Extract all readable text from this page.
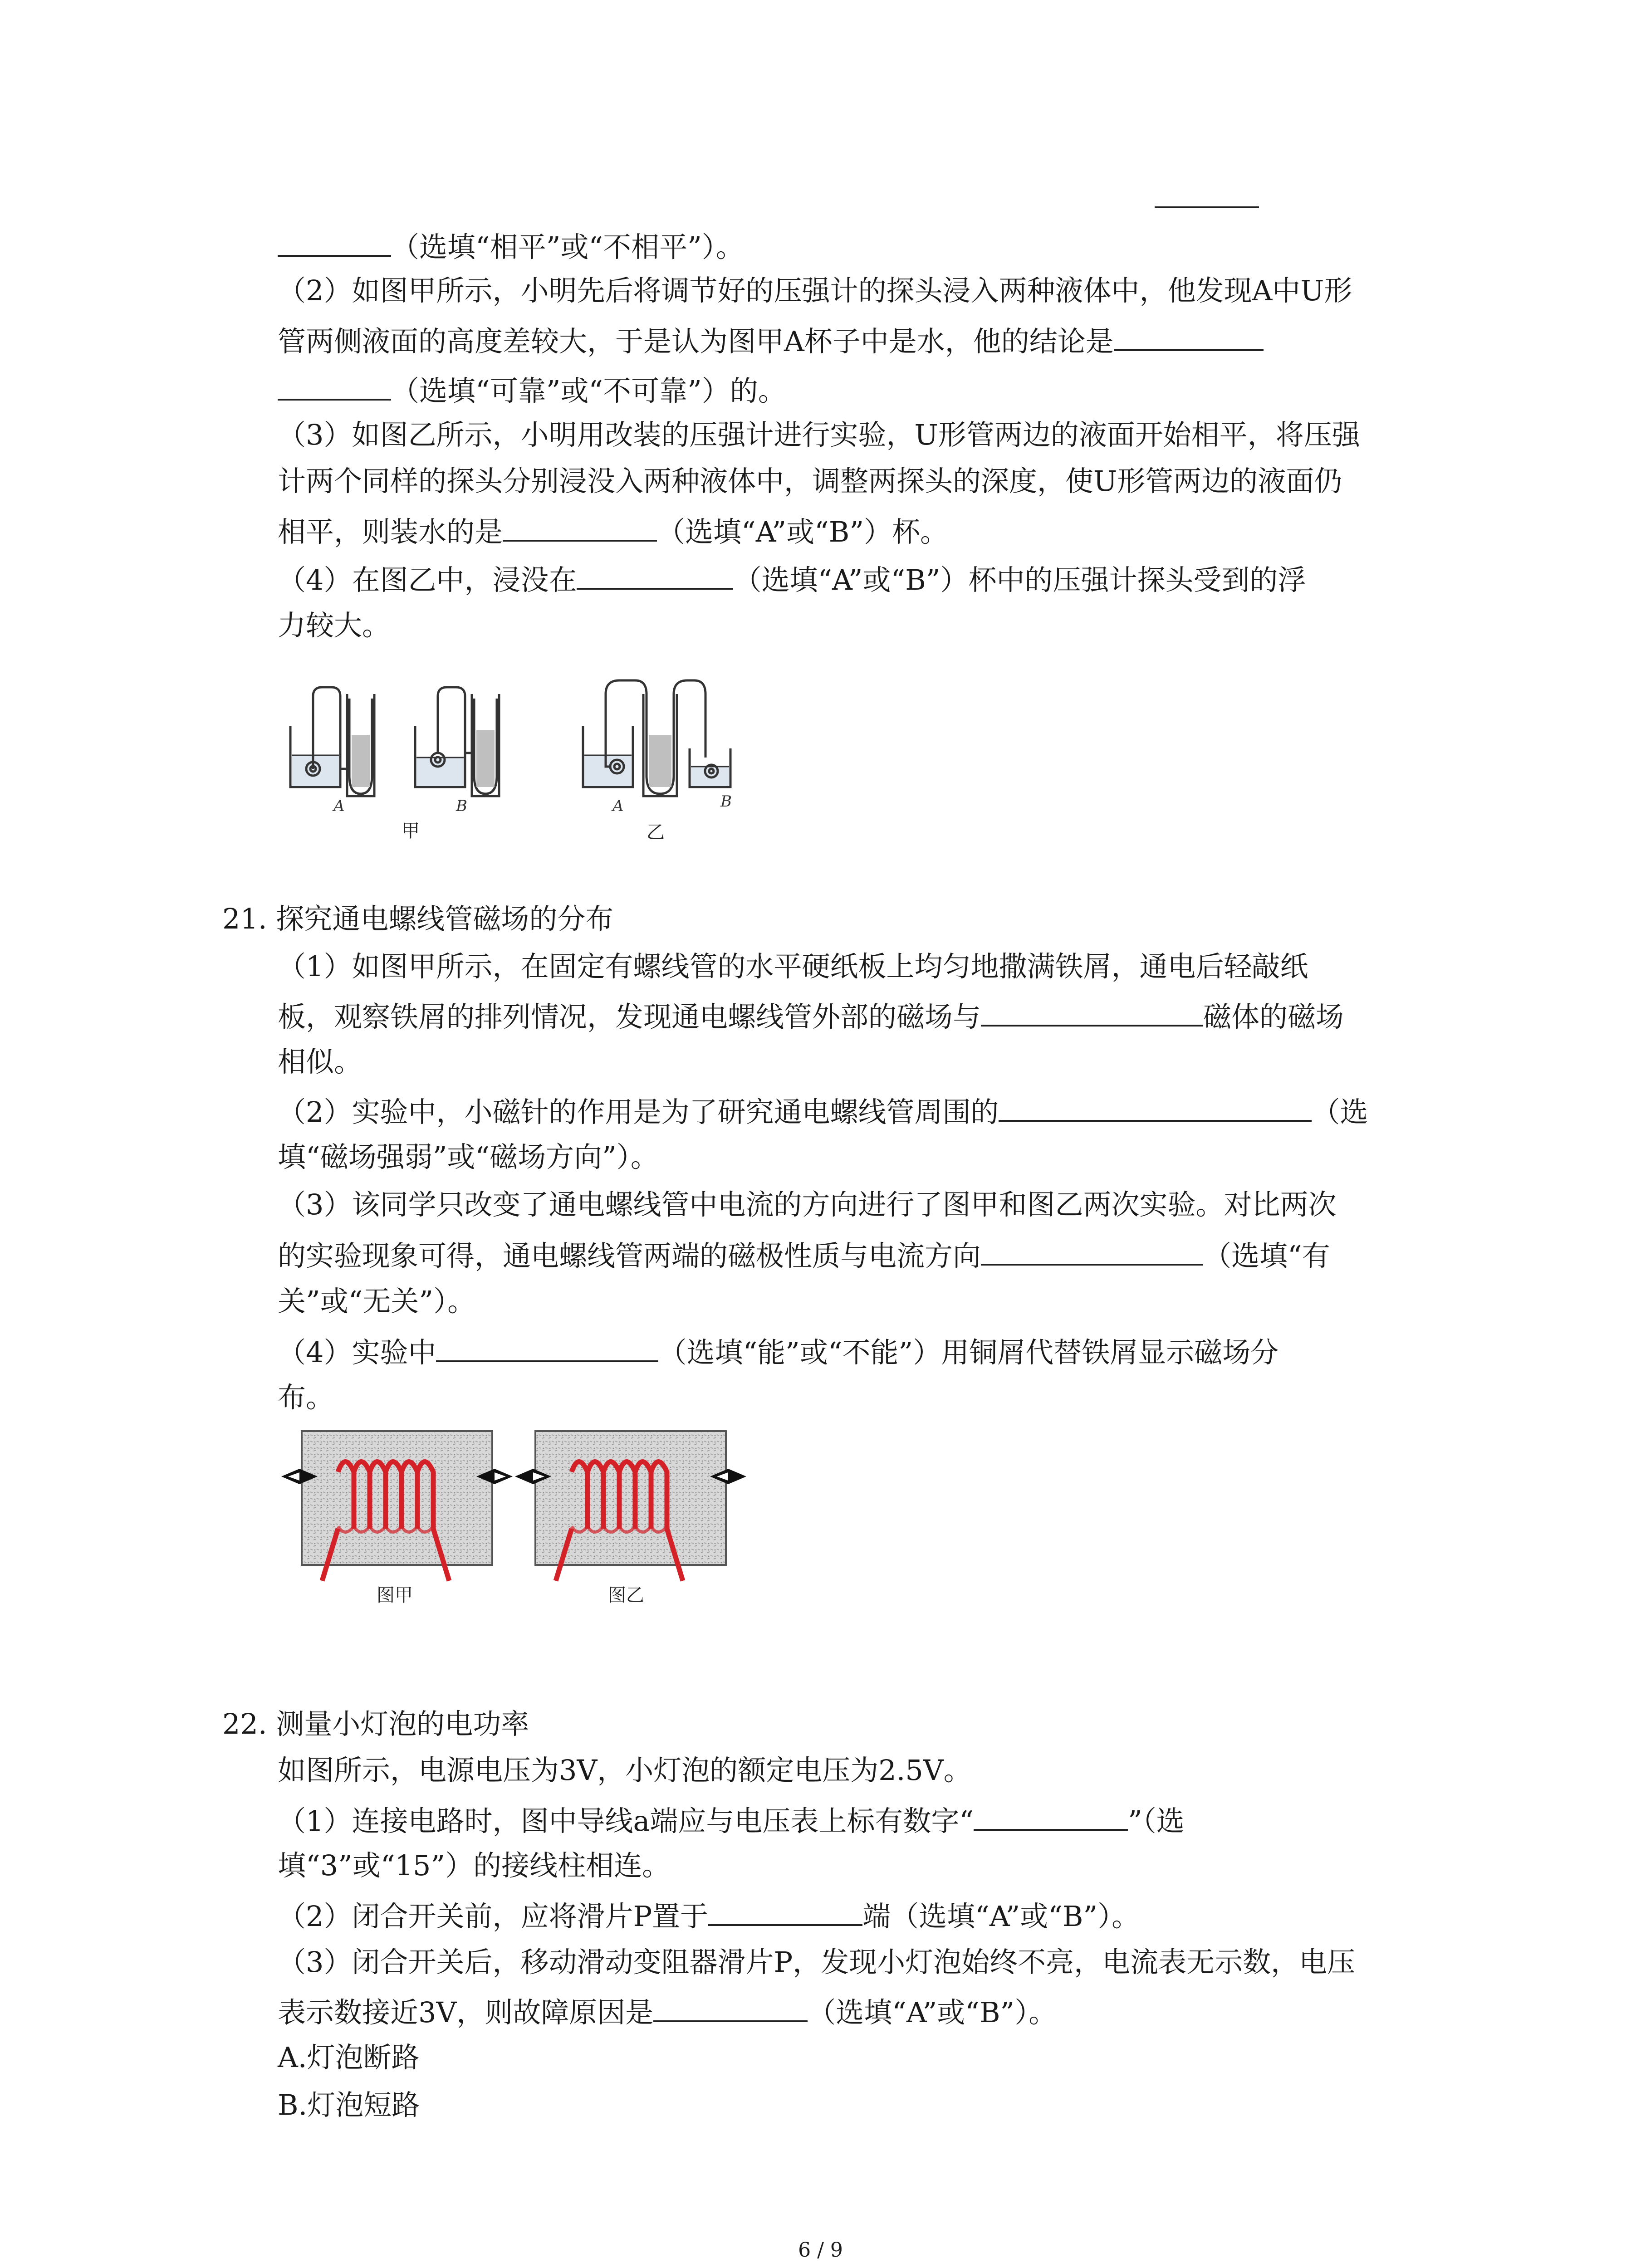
（选填“相平”或“不相平”）。
（2）如图甲所示，小明先后将调节好的压强计的探头浸入两种液体中，他发现A中U形
管两侧液面的高度差较大，于是认为图甲A杯子中是水，他的结论是
（选填“可靠”或“不可靠”）的。
（3）如图乙所示，小明用改装的压强计进行实验，U形管两边的液面开始相平，将压强
计两个同样的探头分别浸没入两种液体中，调整两探头的深度，使U形管两边的液面仍
相平，则装水的是	（选填“A”或“B”）杯。
（4）在图乙中，浸没在	（选填“A”或“B”）杯中的压强计探头受到的浮
力较大。
A	B	A	B
甲	乙
21. 探究通电螺线管磁场的分布
（1）如图甲所示，在固定有螺线管的水平硬纸板上均匀地撒满铁屑，通电后轻敲纸
板，观察铁屑的排列情况，发现通电螺线管外部的磁场与	磁体的磁场
相似。
（2）实验中，小磁针的作用是为了研究通电螺线管周围的	（选
填“磁场强弱”或“磁场方向”）。
（3）该同学只改变了通电螺线管中电流的方向进行了图甲和图乙两次实验。对比两次
的实验现象可得，通电螺线管两端的磁极性质与电流方向	（选填“有
关”或“无关”）。
（4）实验中	（选填“能”或“不能”）用铜屑代替铁屑显示磁场分
布。
图甲	图乙
22. 测量小灯泡的电功率
如图所示，电源电压为3V，小灯泡的额定电压为2.5V。
（1）连接电路时，图中导线a端应与电压表上标有数字“	”（选
填“3”或“15”）的接线柱相连。
（2）闭合开关前，应将滑片P置于	端（选填“A”或“B”）。
（3）闭合开关后，移动滑动变阻器滑片P，发现小灯泡始终不亮，电流表无示数，电压
表示数接近3V，则故障原因是	（选填“A”或“B”）。
A.灯泡断路
B.灯泡短路
6 / 9
